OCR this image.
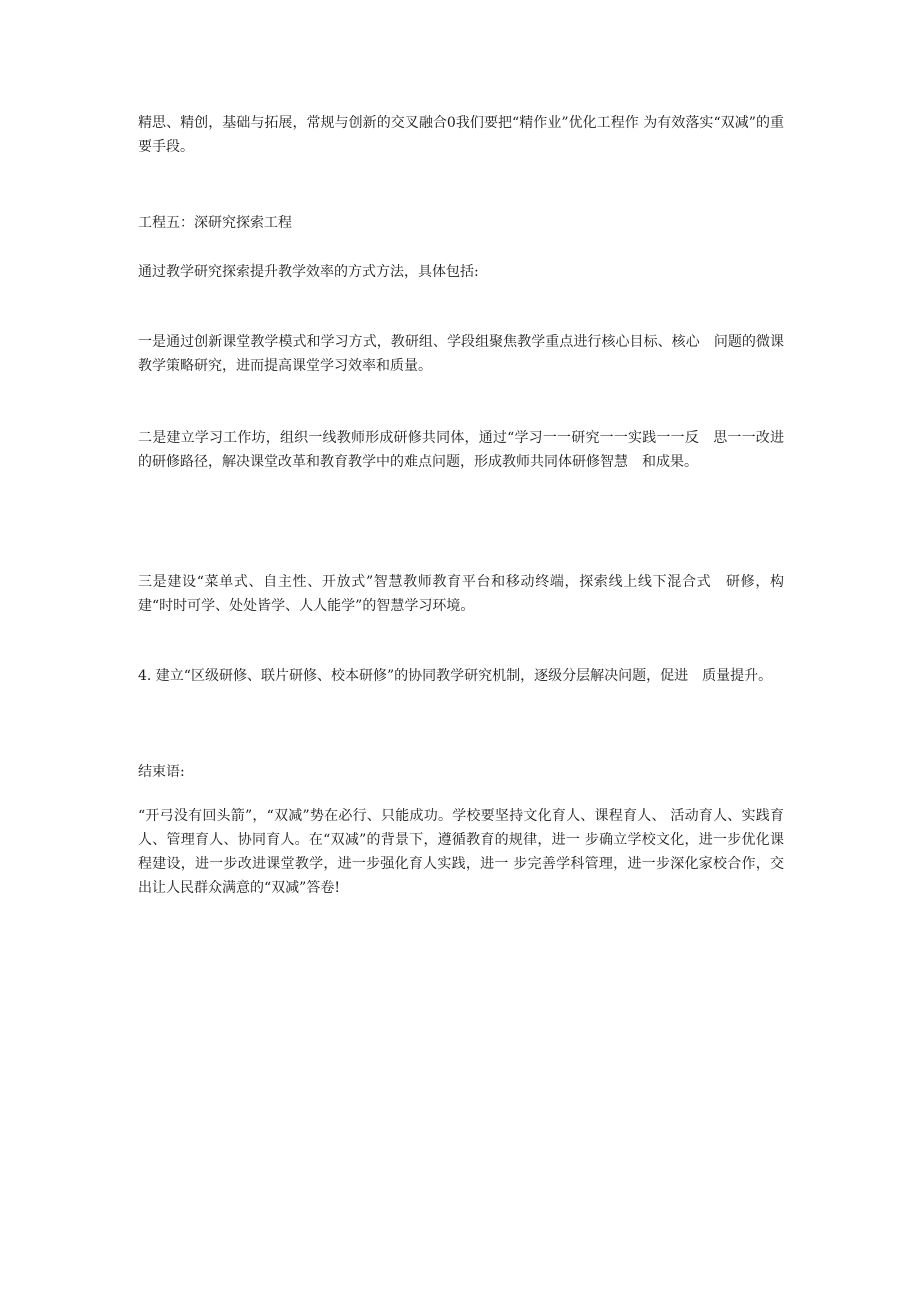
精思、精创，基础与拓展，常规与创新的交叉融合0我们要把“精作业”优化工程作 为有效落实“双减”的重要手段。

工程五：深研究探索工程

通过教学研究探索提升教学效率的方式方法，具体包括:

一是通过创新课堂教学模式和学习方式，教研组、学段组聚焦教学重点进行核心目标、核心　问题的微课教学策略研究，进而提高课堂学习效率和质量。

二是建立学习工作坊，组织一线教师形成研修共同体，通过“学习一一研究一一实践一一反　思一一改进的研修路径，解决课堂改革和教育教学中的难点问题，形成教师共同体研修智慧　和成果。

三是建设“菜单式、自主性、开放式”智慧教师教育平台和移动终端，探索线上线下混合式　研修，构建“时时可学、处处皆学、人人能学”的智慧学习环境。

4. 建立“区级研修、联片研修、校本研修”的协同教学研究机制，逐级分层解决问题，促进　质量提升。

结束语:

“开弓没有回头箭”，“双减”势在必行、只能成功。学校要坚持文化育人、课程育人、 活动育人、实践育人、管理育人、协同育人。在“双减”的背景下，遵循教育的规律，进一 步确立学校文化，进一步优化课程建设，进一步改进课堂教学，进一步强化育人实践，进一 步完善学科管理，进一步深化家校合作，交出让人民群众满意的“双减”答卷!
